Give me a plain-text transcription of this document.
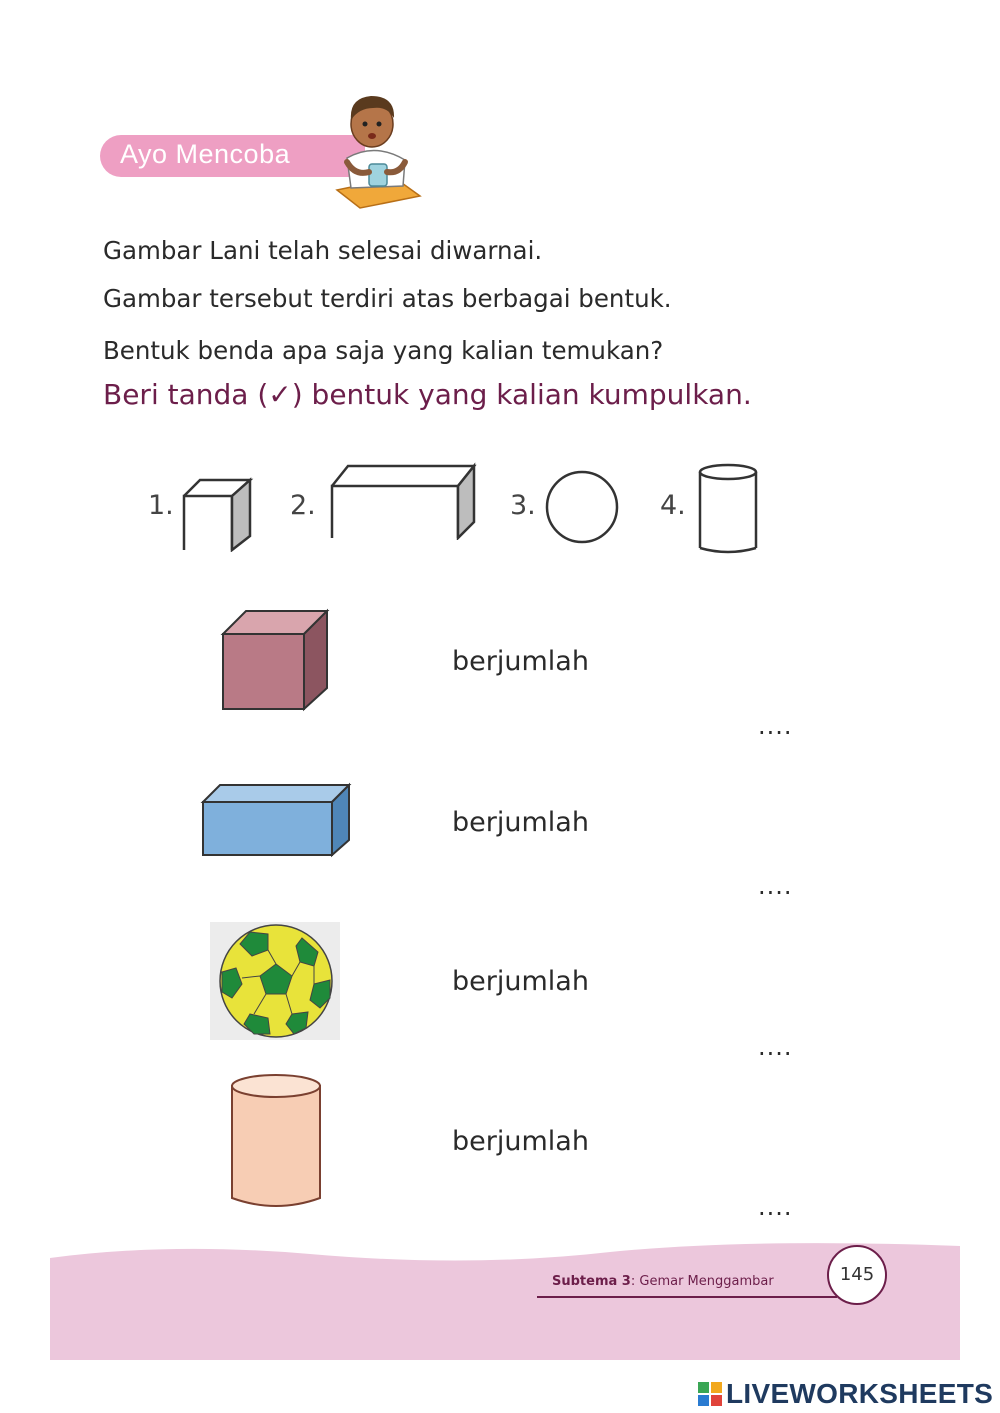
Ayo Mencoba
Gambar Lani telah selesai diwarnai.
Gambar tersebut terdiri atas berbagai bentuk.
Bentuk benda apa saja yang kalian temukan?
Beri tanda (✓) bentuk yang kalian kumpulkan.
1.	2.	3.	4.
berjumlah
....
berjumlah
....
berjumlah
....
berjumlah
....
Subtema 3: Gemar Menggambar	145
LIVEWORKSHEETS
